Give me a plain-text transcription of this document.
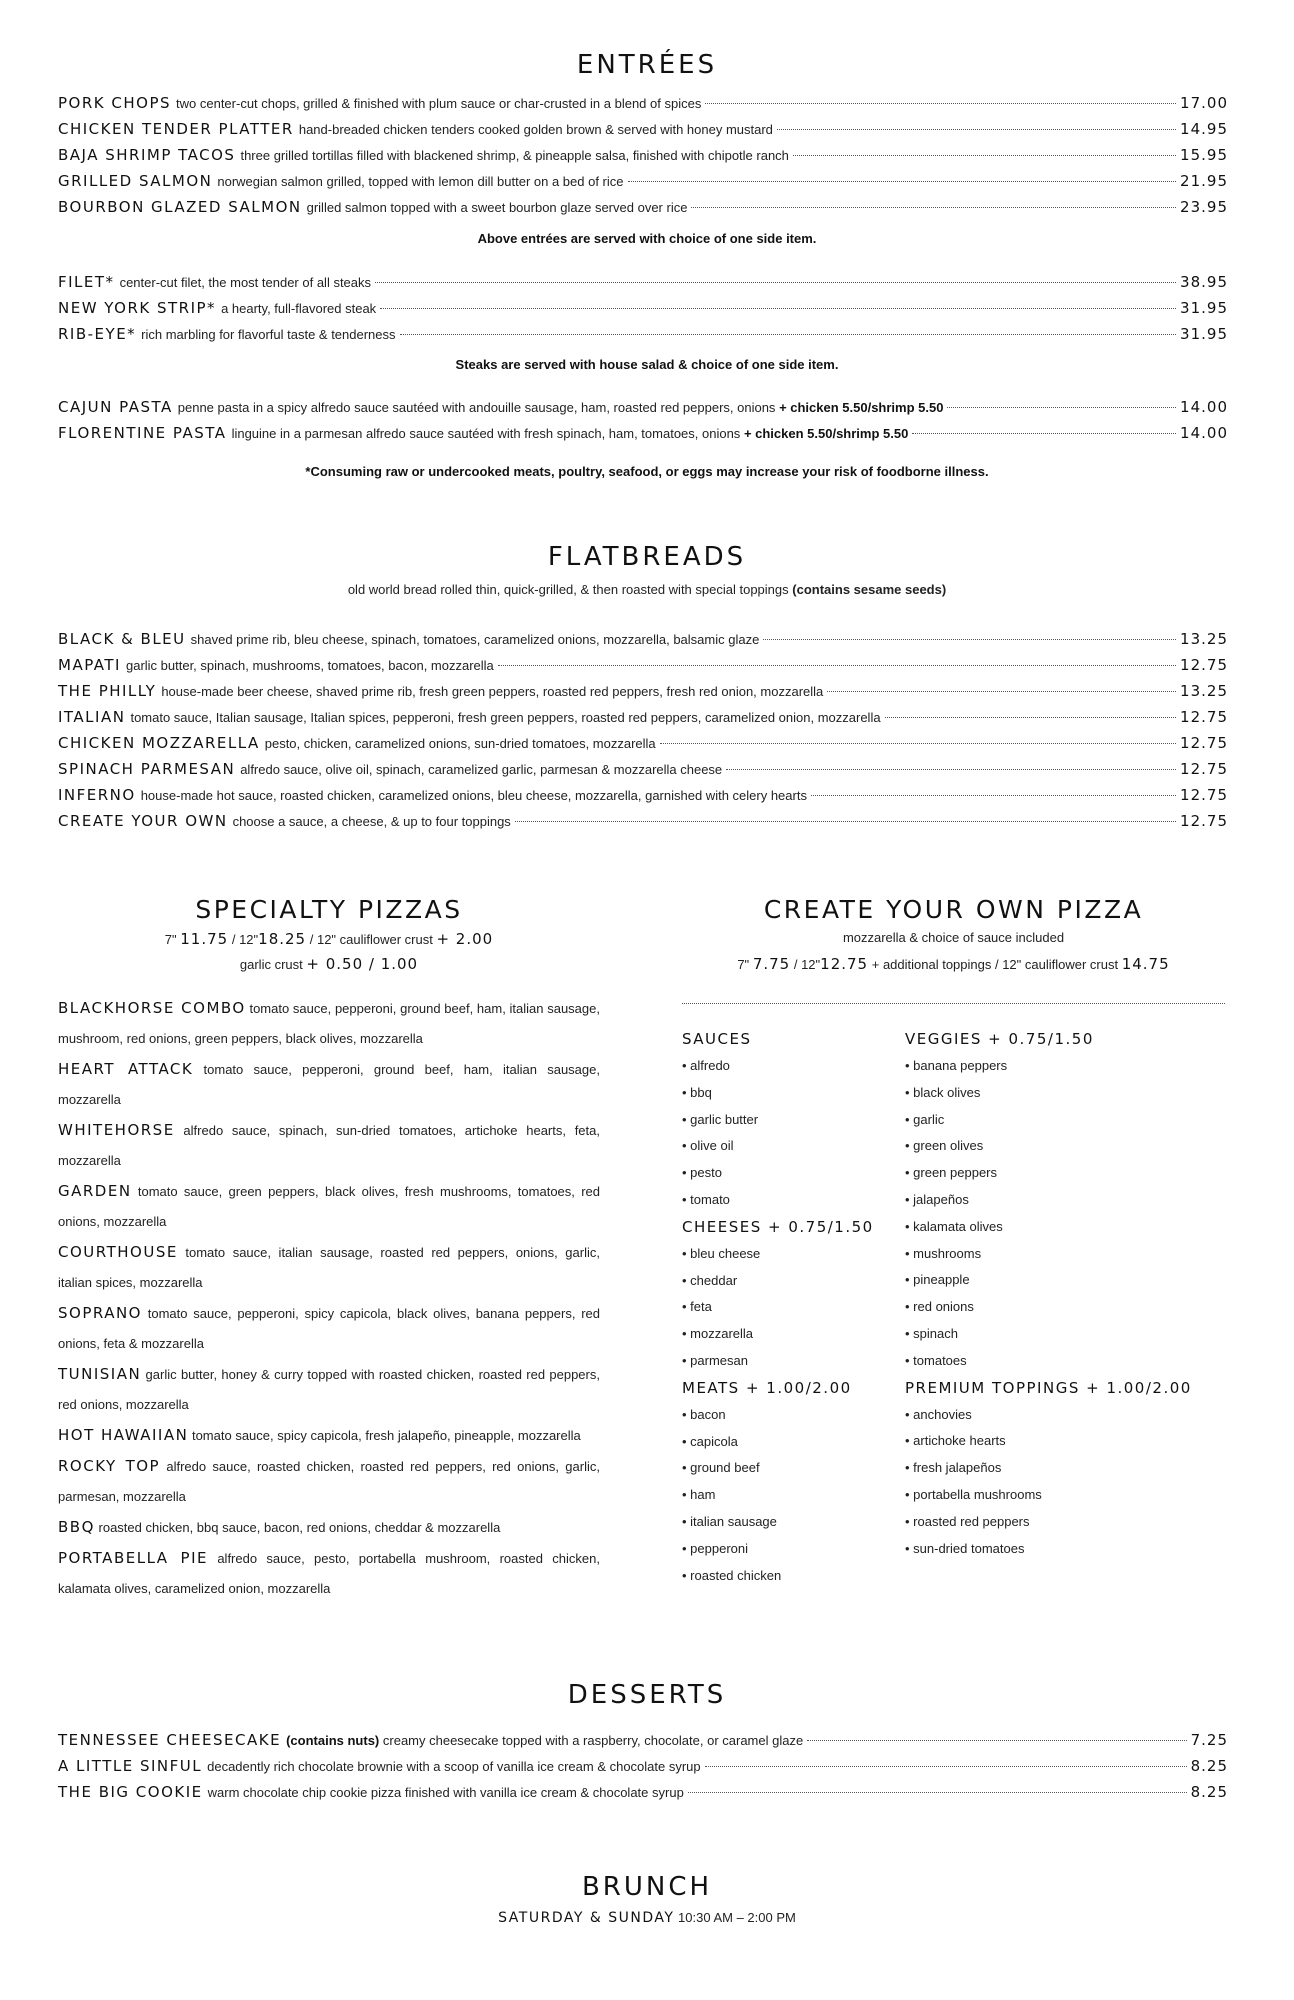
ENTRÉES
PORK CHOPS two center-cut chops, grilled & finished with plum sauce or char-crusted in a blend of spices	17.00
CHICKEN TENDER PLATTER hand-breaded chicken tenders cooked golden brown & served with honey mustard	14.95
BAJA SHRIMP TACOS three grilled tortillas filled with blackened shrimp, & pineapple salsa, finished with chipotle ranch	15.95
GRILLED SALMON norwegian salmon grilled, topped with lemon dill butter on a bed of rice	21.95
BOURBON GLAZED SALMON grilled salmon topped with a sweet bourbon glaze served over rice	23.95
Above entrées are served with choice of one side item.
FILET* center-cut filet, the most tender of all steaks	38.95
NEW YORK STRIP* a hearty, full-flavored steak	31.95
RIB-EYE* rich marbling for flavorful taste & tenderness	31.95
Steaks are served with house salad & choice of one side item.
CAJUN PASTA penne pasta in a spicy alfredo sauce sautéed with andouille sausage, ham, roasted red peppers, onions + chicken 5.50/shrimp 5.50	14.00
FLORENTINE PASTA linguine in a parmesan alfredo sauce sautéed with fresh spinach, ham, tomatoes, onions + chicken 5.50/shrimp 5.50	14.00
*Consuming raw or undercooked meats, poultry, seafood, or eggs may increase your risk of foodborne illness.
FLATBREADS
old world bread rolled thin, quick-grilled, & then roasted with special toppings (contains sesame seeds)
BLACK & BLEU shaved prime rib, bleu cheese, spinach, tomatoes, caramelized onions, mozzarella, balsamic glaze	13.25
MAPATI garlic butter, spinach, mushrooms, tomatoes, bacon, mozzarella	12.75
THE PHILLY house-made beer cheese, shaved prime rib, fresh green peppers, roasted red peppers, fresh red onion, mozzarella	13.25
ITALIAN tomato sauce, Italian sausage, Italian spices, pepperoni, fresh green peppers, roasted red peppers, caramelized onion, mozzarella	12.75
CHICKEN MOZZARELLA pesto, chicken, caramelized onions, sun-dried tomatoes, mozzarella	12.75
SPINACH PARMESAN alfredo sauce, olive oil, spinach, caramelized garlic, parmesan & mozzarella cheese	12.75
INFERNO house-made hot sauce, roasted chicken, caramelized onions, bleu cheese, mozzarella, garnished with celery hearts	12.75
CREATE YOUR OWN choose a sauce, a cheese, & up to four toppings	12.75
SPECIALTY PIZZAS
7" 11.75 / 12"18.25 / 12" cauliflower crust + 2.00
garlic crust + 0.50 / 1.00
BLACKHORSE COMBO tomato sauce, pepperoni, ground beef, ham, italian sausage, mushroom, red onions, green peppers, black olives, mozzarella
HEART ATTACK tomato sauce, pepperoni, ground beef, ham, italian sausage, mozzarella
WHITEHORSE alfredo sauce, spinach, sun-dried tomatoes, artichoke hearts, feta, mozzarella
GARDEN tomato sauce, green peppers, black olives, fresh mushrooms, tomatoes, red onions, mozzarella
COURTHOUSE tomato sauce, italian sausage, roasted red peppers, onions, garlic, italian spices, mozzarella
SOPRANO tomato sauce, pepperoni, spicy capicola, black olives, banana peppers, red onions, feta & mozzarella
TUNISIAN garlic butter, honey & curry topped with roasted chicken, roasted red peppers, red onions, mozzarella
HOT HAWAIIAN tomato sauce, spicy capicola, fresh jalapeño, pineapple, mozzarella
ROCKY TOP alfredo sauce, roasted chicken, roasted red peppers, red onions, garlic, parmesan, mozzarella
BBQ roasted chicken, bbq sauce, bacon, red onions, cheddar & mozzarella
PORTABELLA PIE alfredo sauce, pesto, portabella mushroom, roasted chicken, kalamata olives, caramelized onion, mozzarella
CREATE YOUR OWN PIZZA
mozzarella & choice of sauce included
7" 7.75 / 12"12.75 + additional toppings / 12" cauliflower crust 14.75
SAUCES
• alfredo
• bbq
• garlic butter
• olive oil
• pesto
• tomato
CHEESES + 0.75/1.50
• bleu cheese
• cheddar
• feta
• mozzarella
• parmesan
MEATS + 1.00/2.00
• bacon
• capicola
• ground beef
• ham
• italian sausage
• pepperoni
• roasted chicken
VEGGIES + 0.75/1.50
• banana peppers
• black olives
• garlic
• green olives
• green peppers
• jalapeños
• kalamata olives
• mushrooms
• pineapple
• red onions
• spinach
• tomatoes
PREMIUM TOPPINGS + 1.00/2.00
• anchovies
• artichoke hearts
• fresh jalapeños
• portabella mushrooms
• roasted red peppers
• sun-dried tomatoes
DESSERTS
TENNESSEE CHEESECAKE (contains nuts) creamy cheesecake topped with a raspberry, chocolate, or caramel glaze	7.25
A LITTLE SINFUL decadently rich chocolate brownie with a scoop of vanilla ice cream & chocolate syrup	8.25
THE BIG COOKIE warm chocolate chip cookie pizza finished with vanilla ice cream & chocolate syrup	8.25
BRUNCH
SATURDAY & SUNDAY 10:30 AM – 2:00 PM
